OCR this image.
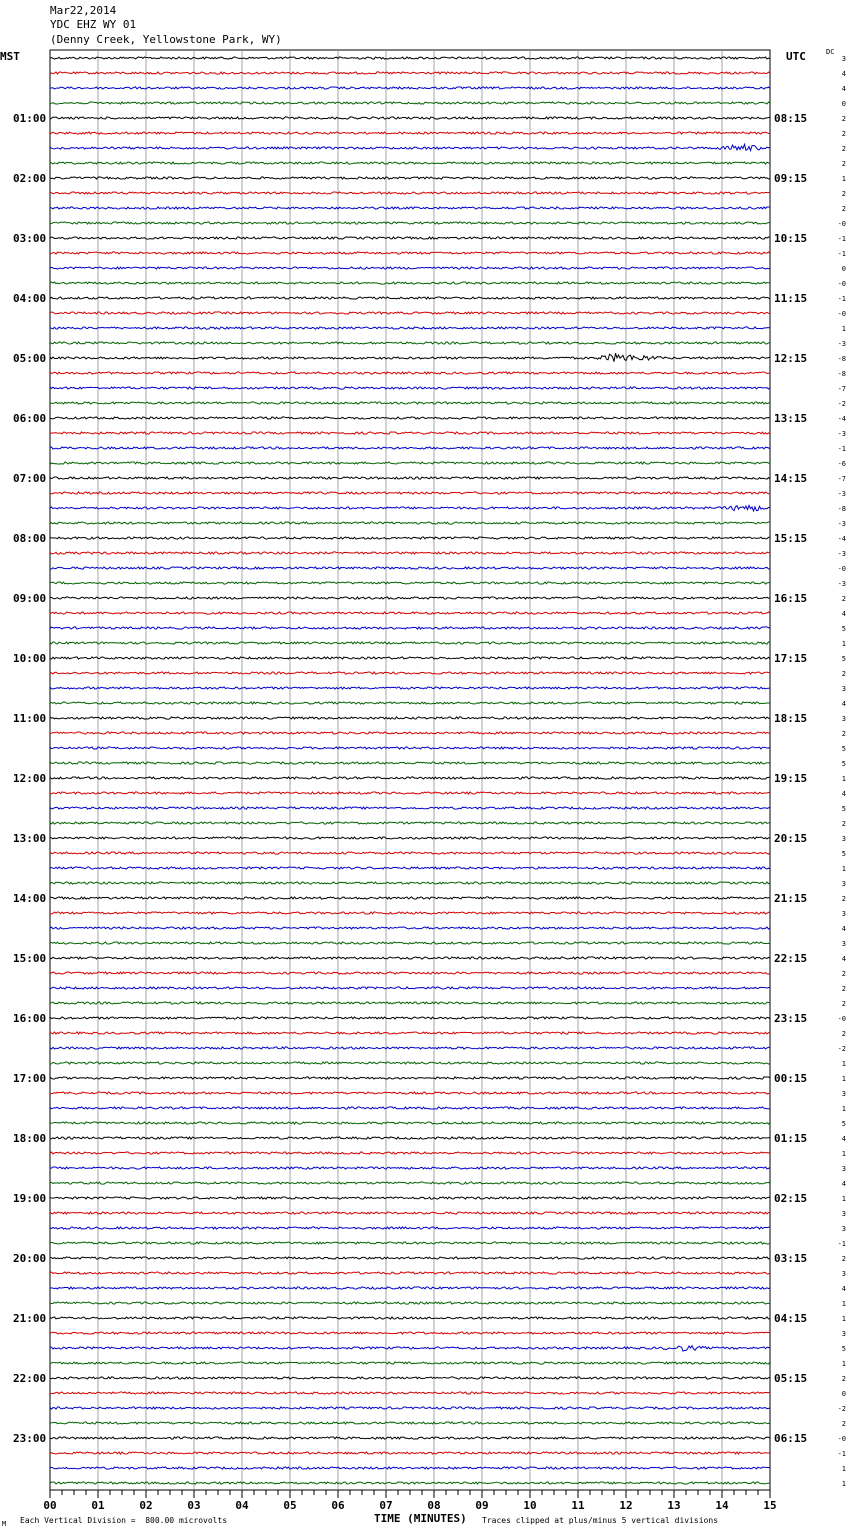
Mar22,2014
YDC EHZ WY 01
(Denny Creek, Yellowstone Park, WY)
MST	UTC	DC
01:00	08:15
02:00	09:15
03:00	10:15
04:00	11:15
05:00	12:15
06:00	13:15
07:00	14:15
08:00	15:15
09:00	16:15
10:00	17:15
11:00	18:15
12:00	19:15
13:00	20:15
14:00	21:15
15:00	22:15
16:00	23:15
17:00	00:15
18:00	01:15
19:00	02:15
20:00	03:15
21:00	04:15
22:00	05:15
23:00	06:15
3
4
4
0
2
2
2
2
1
2
2
-0
-1
-1
0
-0
-1
-0
1
-3
-8
-8
-7
-2
-4
-3
-1
-6
-7
-3
-8
-3
-4
-3
-0
-3
2
4
5
1
5
2
3
4
3
2
5
5
1
4
5
2
3
5
1
3
2
3
4
3
4
2
2
2
-0
2
-2
1
1
3
1
5
4
1
3
4
1
3
3
-1
2
3
4
1
1
3
5
1
2
0
-2
2
-0
-1
1
1
00	01	02	03	04	05	06	07	08	09	10	11	12	13	14	15
TIME (MINUTES)
Each Vertical Division =  800.00 microvolts	Traces clipped at plus/minus 5 vertical divisions
M
